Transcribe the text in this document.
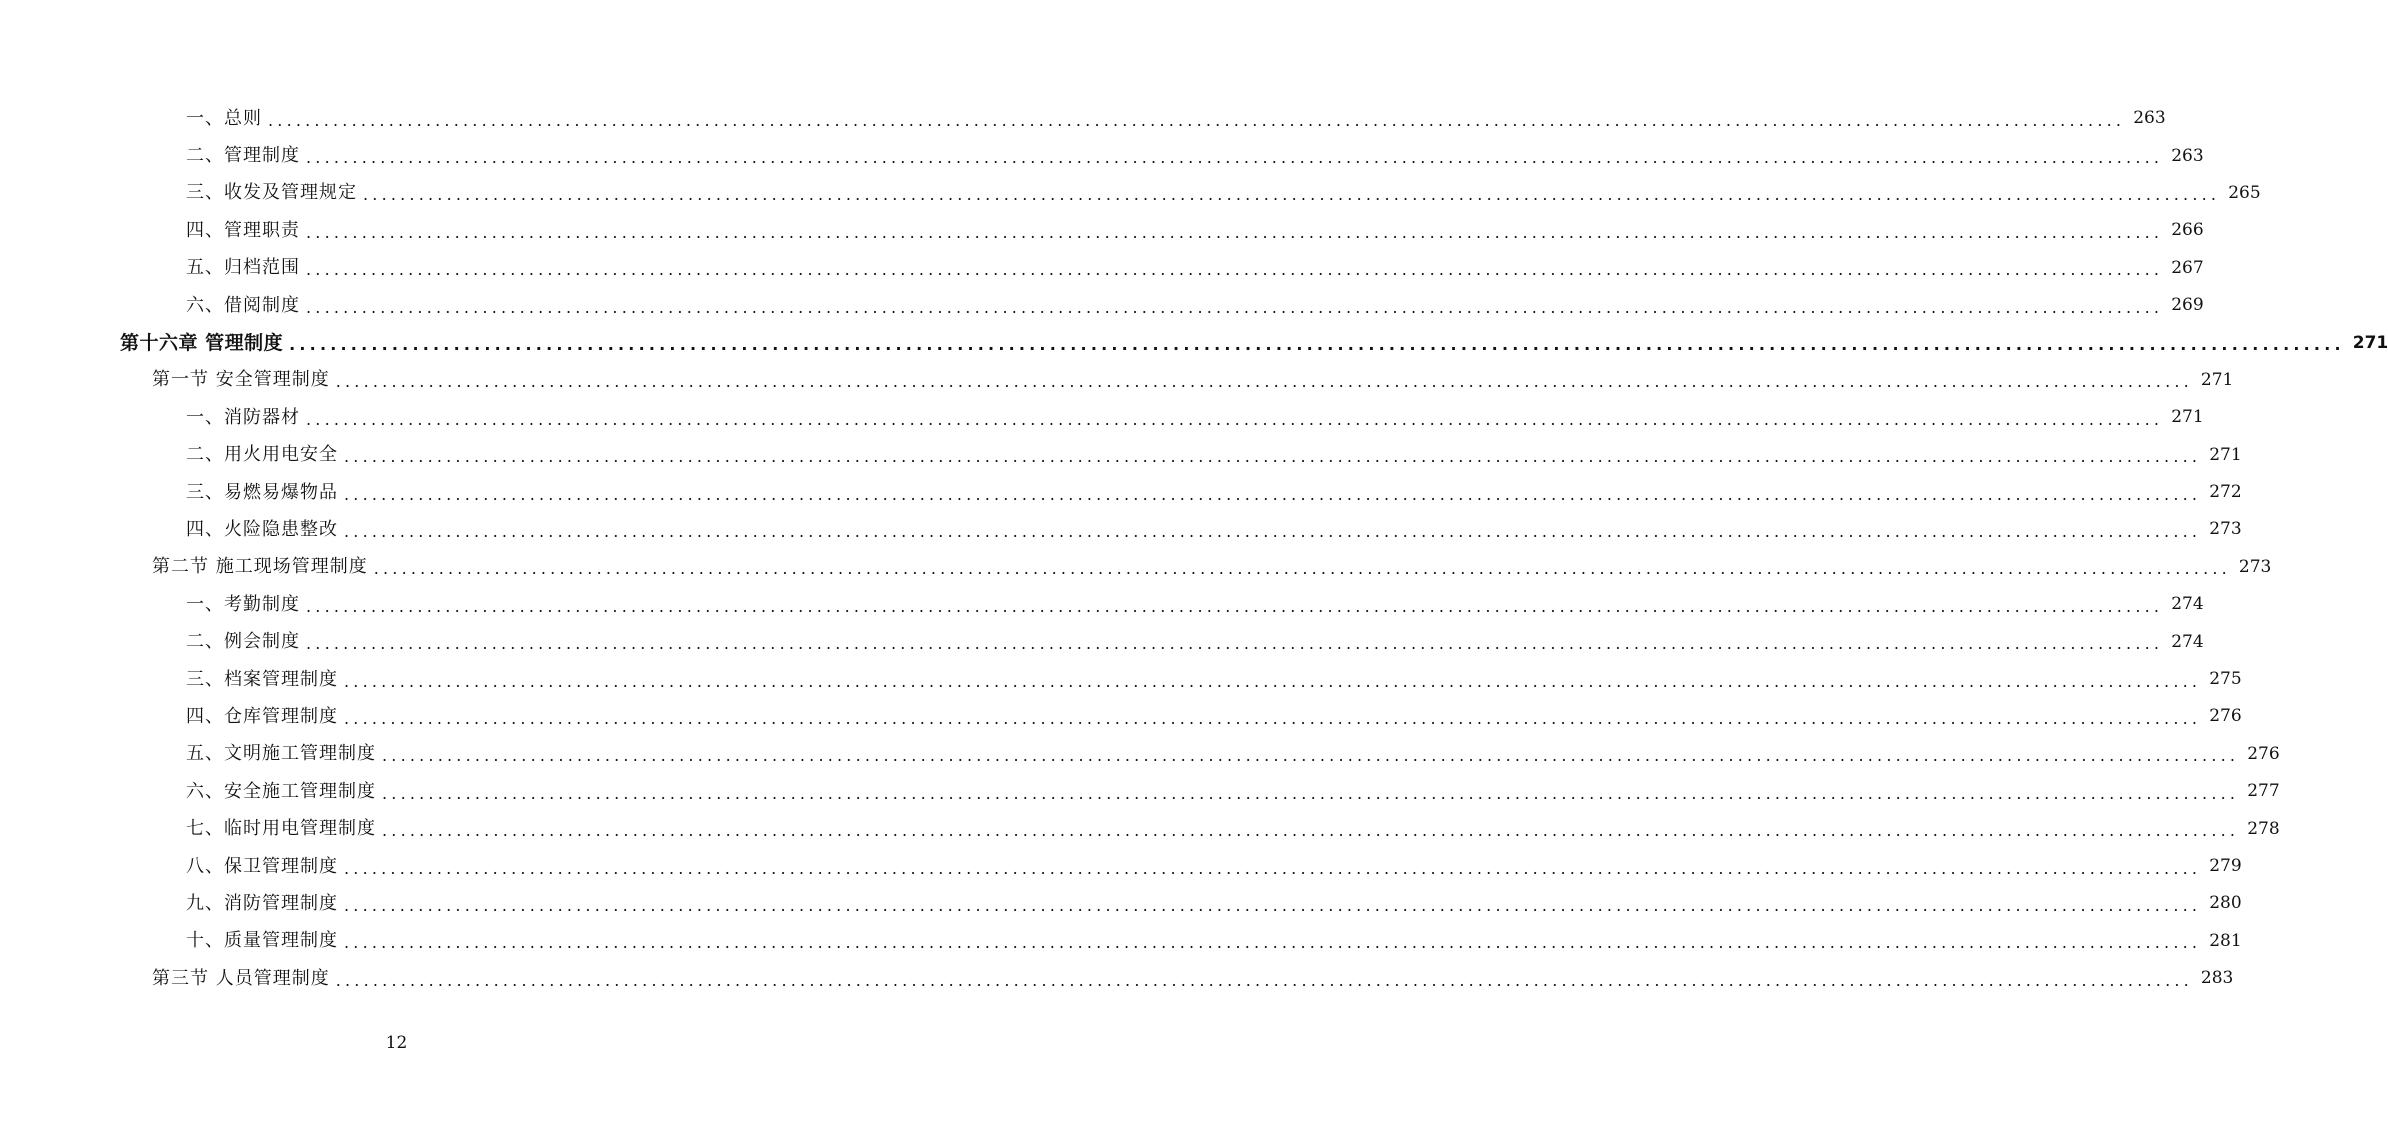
一、总则 ........................................................................................................................................................................................................ 263
二、管理制度 ........................................................................................................................................................................................................ 263
三、收发及管理规定 ........................................................................................................................................................................................................ 265
四、管理职责 ........................................................................................................................................................................................................ 266
五、归档范围 ........................................................................................................................................................................................................ 267
六、借阅制度 ........................................................................................................................................................................................................ 269
第十六章 管理制度 ........................................................................................................................................................................................................ 271
第一节 安全管理制度 ........................................................................................................................................................................................................ 271
一、消防器材 ........................................................................................................................................................................................................ 271
二、用火用电安全 ........................................................................................................................................................................................................ 271
三、易燃易爆物品 ........................................................................................................................................................................................................ 272
四、火险隐患整改 ........................................................................................................................................................................................................ 273
第二节 施工现场管理制度 ........................................................................................................................................................................................................ 273
一、考勤制度 ........................................................................................................................................................................................................ 274
二、例会制度 ........................................................................................................................................................................................................ 274
三、档案管理制度 ........................................................................................................................................................................................................ 275
四、仓库管理制度 ........................................................................................................................................................................................................ 276
五、文明施工管理制度 ........................................................................................................................................................................................................ 276
六、安全施工管理制度 ........................................................................................................................................................................................................ 277
七、临时用电管理制度 ........................................................................................................................................................................................................ 278
八、保卫管理制度 ........................................................................................................................................................................................................ 279
九、消防管理制度 ........................................................................................................................................................................................................ 280
十、质量管理制度 ........................................................................................................................................................................................................ 281
第三节 人员管理制度 ........................................................................................................................................................................................................ 283
12
